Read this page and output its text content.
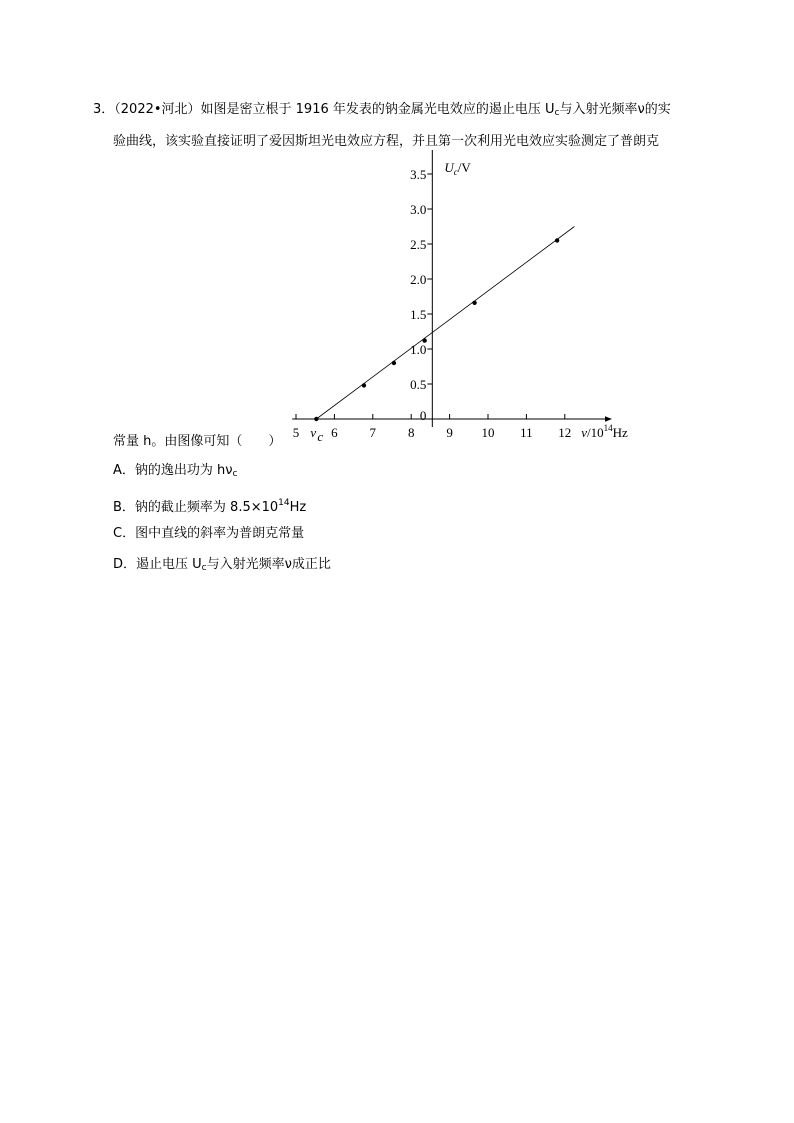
3．（2022•河北）如图是密立根于 1916 年发表的钠金属光电效应的遏止电压 $U_c$与入射光频率ν的实
验曲线，该实验直接证明了爱因斯坦光电效应方程，并且第一次利用光电效应实验测定了普朗克
5 6 7 8 9 10 11 12
0
0.5
1.0
1.5
2.0
2.5
3.0
3.5
ν c	$\nu/10^{14}Hz$
$U_c/V$
常量 h。由图像可知（　　）
A．钠的逸出功为 $h\nu_c$
B．钠的截止频率为 $8.5\times 10^{14}Hz$
C．图中直线的斜率为普朗克常量
D．遏止电压 $U_c$与入射光频率ν成正比
